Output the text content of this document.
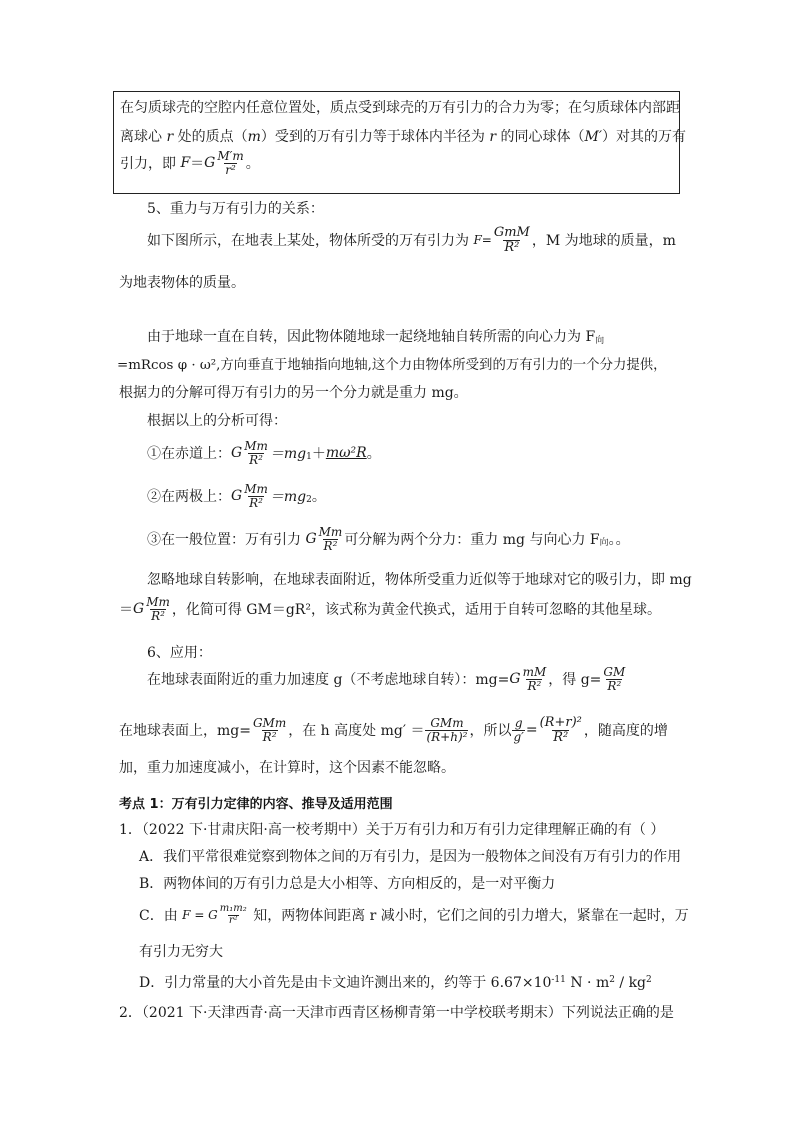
在匀质球壳的空腔内任意位置处，质点受到球壳的万有引力的合力为零；在匀质球体内部距
离球心 r 处的质点（m）受到的万有引力等于球体内半径为 r 的同心球体（M′）对其的万有
引力，即 $F=G \frac{M'm}{\text{r²}}$ 。
5、重力与万有引力的关系：
如下图所示，在地表上某处，物体所受的万有引力为 $F= \frac{\text{GmM}}{\text{R²}}$ ，M 为地球的质量，m
为地表物体的质量。
由于地球一直在自转，因此物体随地球一起绕地轴自转所需的向心力为 $F_向$
=mRcos φ · ω²,方向垂直于地轴指向地轴,这个力由物体所受到的万有引力的一个分力提供，
根据力的分解可得万有引力的另一个分力就是重力 mg。
根据以上的分析可得：
①在赤道上：G $\frac{Mm}{\text{R²}} =mg_1+m\omega^2R$。
②在两极上：G $\frac{Mm}{\text{R²}} =mg_2$。
③在一般位置：万有引力 G $\frac{Mm}{\text{R²}}$ 可分解为两个分力：重力 mg 与向心力 $F_向$。。
忽略地球自转影响，在地球表面附近，物体所受重力近似等于地球对它的吸引力，即 mg
$=G \frac{Mm}{\text{R²}}$ ，化简可得 GM＝gR²，该式称为黄金代换式，适用于自转可忽略的其他星球。
6、应用：
在地球表面附近的重力加速度 g（不考虑地球自转）：$mg=G \frac{mM}{\text{R²}}$ ，得 $g= \frac{GM}{\text{R²}}$
在地球表面上，$mg= \frac{\text{GMm}}{\text{R²}}$ ，在 h 高度处 $mg' = \frac{\text{GMm}}{\text{(R+h)²}}$ ，所以 $\frac{g}{g'} = \frac{\text{(R+r)²}}{\text{R²}}$ ，随高度的增
加，重力加速度减小，在计算时，这个因素不能忽略。
考点 1：万有引力定律的内容、推导及适用范围
1．（2022 下·甘肃庆阳·高一校考期中）关于万有引力和万有引力定律理解正确的有（ ）
A．我们平常很难觉察到物体之间的万有引力，是因为一般物体之间没有万有引力的作用
B．两物体间的万有引力总是大小相等、方向相反的，是一对平衡力
C．由 F = G $\frac{\text{m₁m₂}}{\text{r²}}$ 知，两物体间距离 r 减小时，它们之间的引力增大，紧靠在一起时，万
有引力无穷大
D．引力常量的大小首先是由卡文迪许测出来的，约等于 $6.67\times 10^{-11}$ $N \cdot m^2 / kg^2$
2．（2021 下·天津西青·高一天津市西青区杨柳青第一中学校联考期末）下列说法正确的是
